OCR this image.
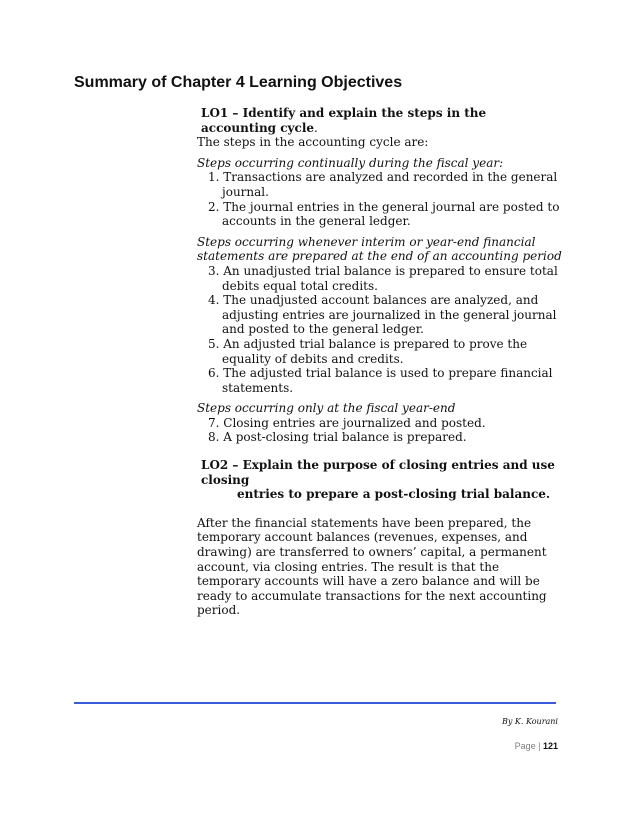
Summary of Chapter 4 Learning Objectives

LO1 – Identify and explain the steps in the accounting cycle.

The steps in the accounting cycle are:

Steps occurring continually during the fiscal year:

1. Transactions are analyzed and recorded in the general journal.
2. The journal entries in the general journal are posted to accounts in the general ledger.

Steps occurring whenever interim or year-end financial statements are prepared at the end of an accounting period

3. An unadjusted trial balance is prepared to ensure total debits equal total credits.
4. The unadjusted account balances are analyzed, and adjusting entries are journalized in the general journal and posted to the general ledger.
5. An adjusted trial balance is prepared to prove the equality of debits and credits.
6. The adjusted trial balance is used to prepare financial statements.

Steps occurring only at the fiscal year-end

7. Closing entries are journalized and posted.
8. A post-closing trial balance is prepared.

LO2 – Explain the purpose of closing entries and use closing
entries to prepare a post-closing trial balance.

After the financial statements have been prepared, the temporary account balances (revenues, expenses, and drawing) are transferred to owners’ capital, a permanent account, via closing entries. The result is that the temporary accounts will have a zero balance and will be ready to accumulate transactions for the next accounting period.

By K. Kourani
Page | 121
